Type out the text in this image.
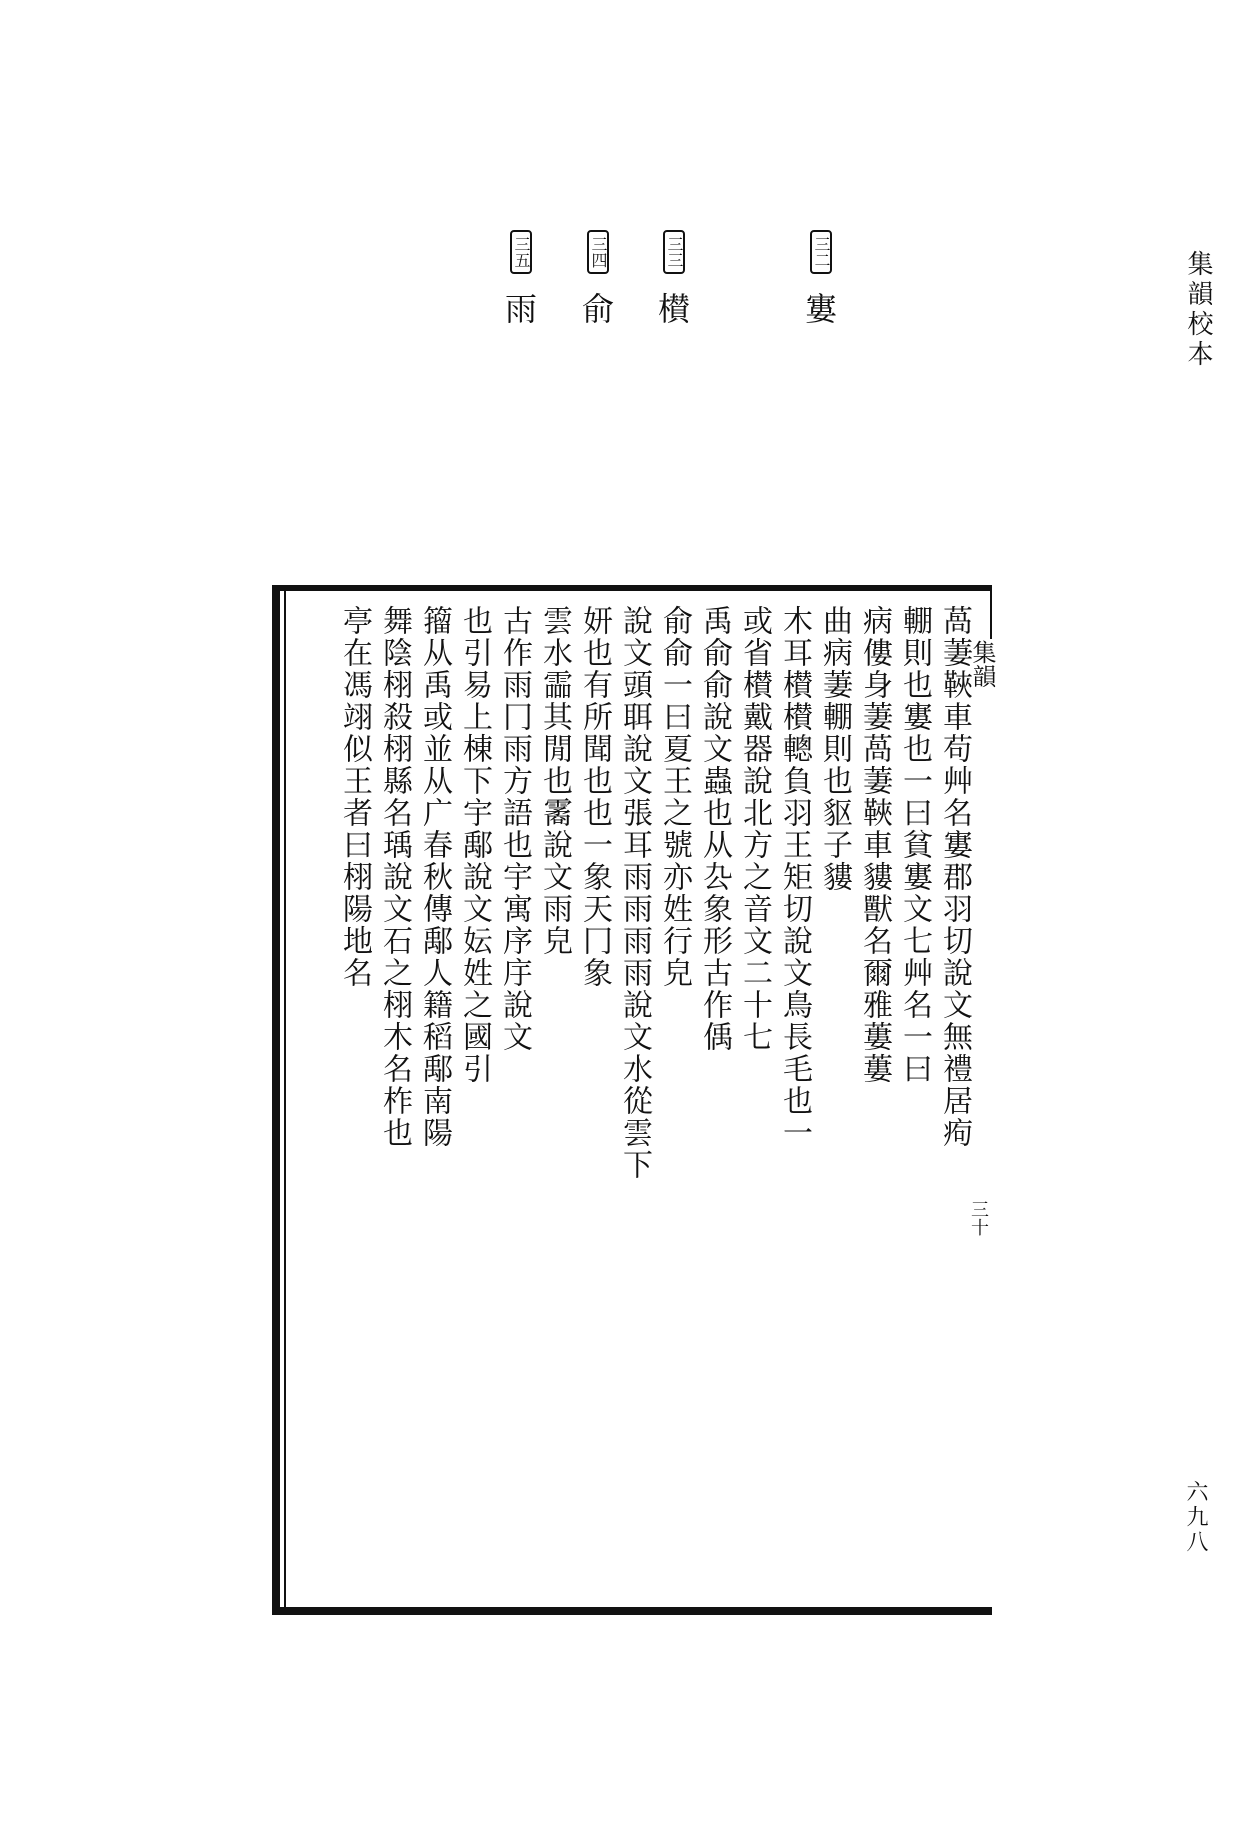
集韻校本
三二
寠
三三
櫕
三四
俞
三五
雨
萵萋䩡車苟艸名寠郡羽切說文無禮居痀
輣則也寠也一曰貧寠文七艸名一曰
病僂身萋萵萋䩡車貗獸名爾雅蔞蔞
曲病萋輣則也䝙子貗
木耳櫕櫕䡯負羽王矩切說文鳥長毛也一
或省櫕戴器說北方之音文二十七
禹俞俞說文蟲也从厹象形古作偊
俞俞一曰夏王之號亦姓行皃
說文頭聑說文張耳雨雨雨雨說文水從雲下
妍也有所聞也也一象天冂象
雲水霝其閒也霱說文雨皃
古作雨冂雨方語也宇寓序㡰說文
也引易上棟下宇鄅說文妘姓之國引
籀从禹或並从广春秋傳鄅人籍稻鄅南陽
舞陰栩殺栩縣名瑀說文石之栩木名柞也
亭在馮翊似王者曰栩陽地名	集韻
三十
六九八
